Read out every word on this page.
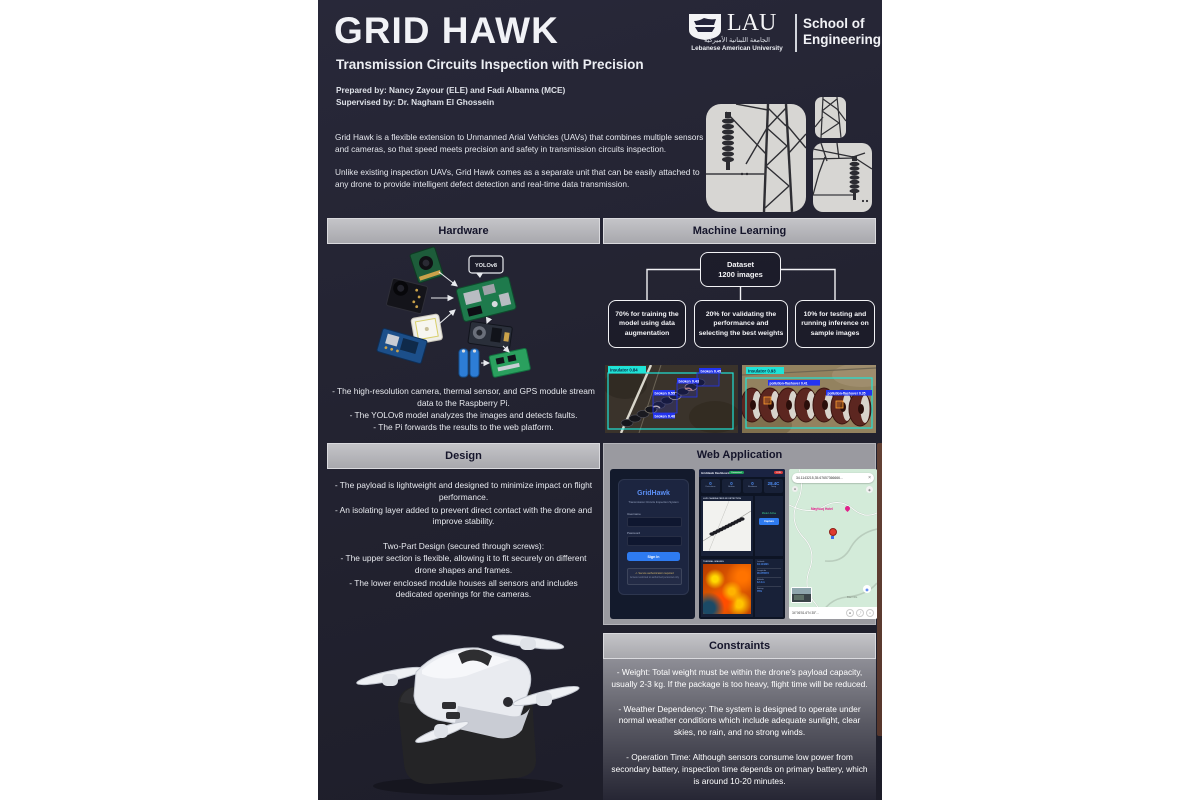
GRID HAWK
Transmission Circuits Inspection with Precision
Prepared by: Nancy Zayour (ELE) and Fadi Albanna (MCE)
Supervised by: Dr. Nagham El Ghossein
LAU
الجامعة اللبنانية الأميركية
Lebanese American University
School of
Engineering
Grid Hawk is a flexible extension to Unmanned Arial Vehicles (UAVs) that combines multiple sensors and cameras, so that speed meets precision and safety in transmission circuits inspection.
Unlike existing inspection UAVs, Grid Hawk comes as a separate unit that can be easily attached to any drone to provide intelligent defect detection and real-time data transmission.
Hardware
YOLOv8
- The high-resolution camera, thermal sensor, and GPS module stream data to the Raspberry Pi.
- The YOLOv8 model analyzes the images and detects faults.
- The Pi forwards the results to the web platform.
Design
- The payload is lightweight and designed to minimize impact on flight performance.
- An isolating layer added to prevent direct contact with the drone and improve stability.
Two-Part Design (secured through screws):
- The upper section is flexible, allowing it to fit securely on different drone shapes and frames.
- The lower enclosed module houses all sensors and includes dedicated openings for the cameras.
Machine Learning
Dataset
1200 images
70% for training the model using data augmentation
20% for validating the performance and selecting the best weights
10% for testing and running inference on sample images
insulator 0.84	broken 0.45
broken 0.43
broken 0.55
broken 0.48
insulator 0.93
pollution-flashover 0.41
pollution-flashover 0.35
Web Application
GridHawk
Transmission Circuits Inspection System
Username
Password
Sign In
⚠ Secure authentication required
Access restricted to authorized personnel only
GridHawk Dashboard Connected	LIVE
0
Detections
0
Broken
0
Flashover
28.4C
Temp
LIVE CAMERA FEED W/ DETECTION
Model: Active
Capture
THERMAL IMAGING	Latitude
34.114321
Longitude
35.676573
Altitude
12.4 m
Battery
78%
Mayfouq Hotel
Blal hills
34.1143215,35.67657366666...	×
◈
⊕
◉
34°06'51.6"N 35°...	⊕	⤴	×
Constraints
- Weight: Total weight must be within the drone's payload capacity, usually 2-3 kg. If the package is too heavy, flight time will be reduced.
- Weather Dependency: The system is designed to operate under normal weather conditions which include adequate sunlight, clear skies, no rain, and no strong winds.
- Operation Time: Although sensors consume low power from secondary battery, inspection time depends on primary battery, which is around 10-20 minutes.
